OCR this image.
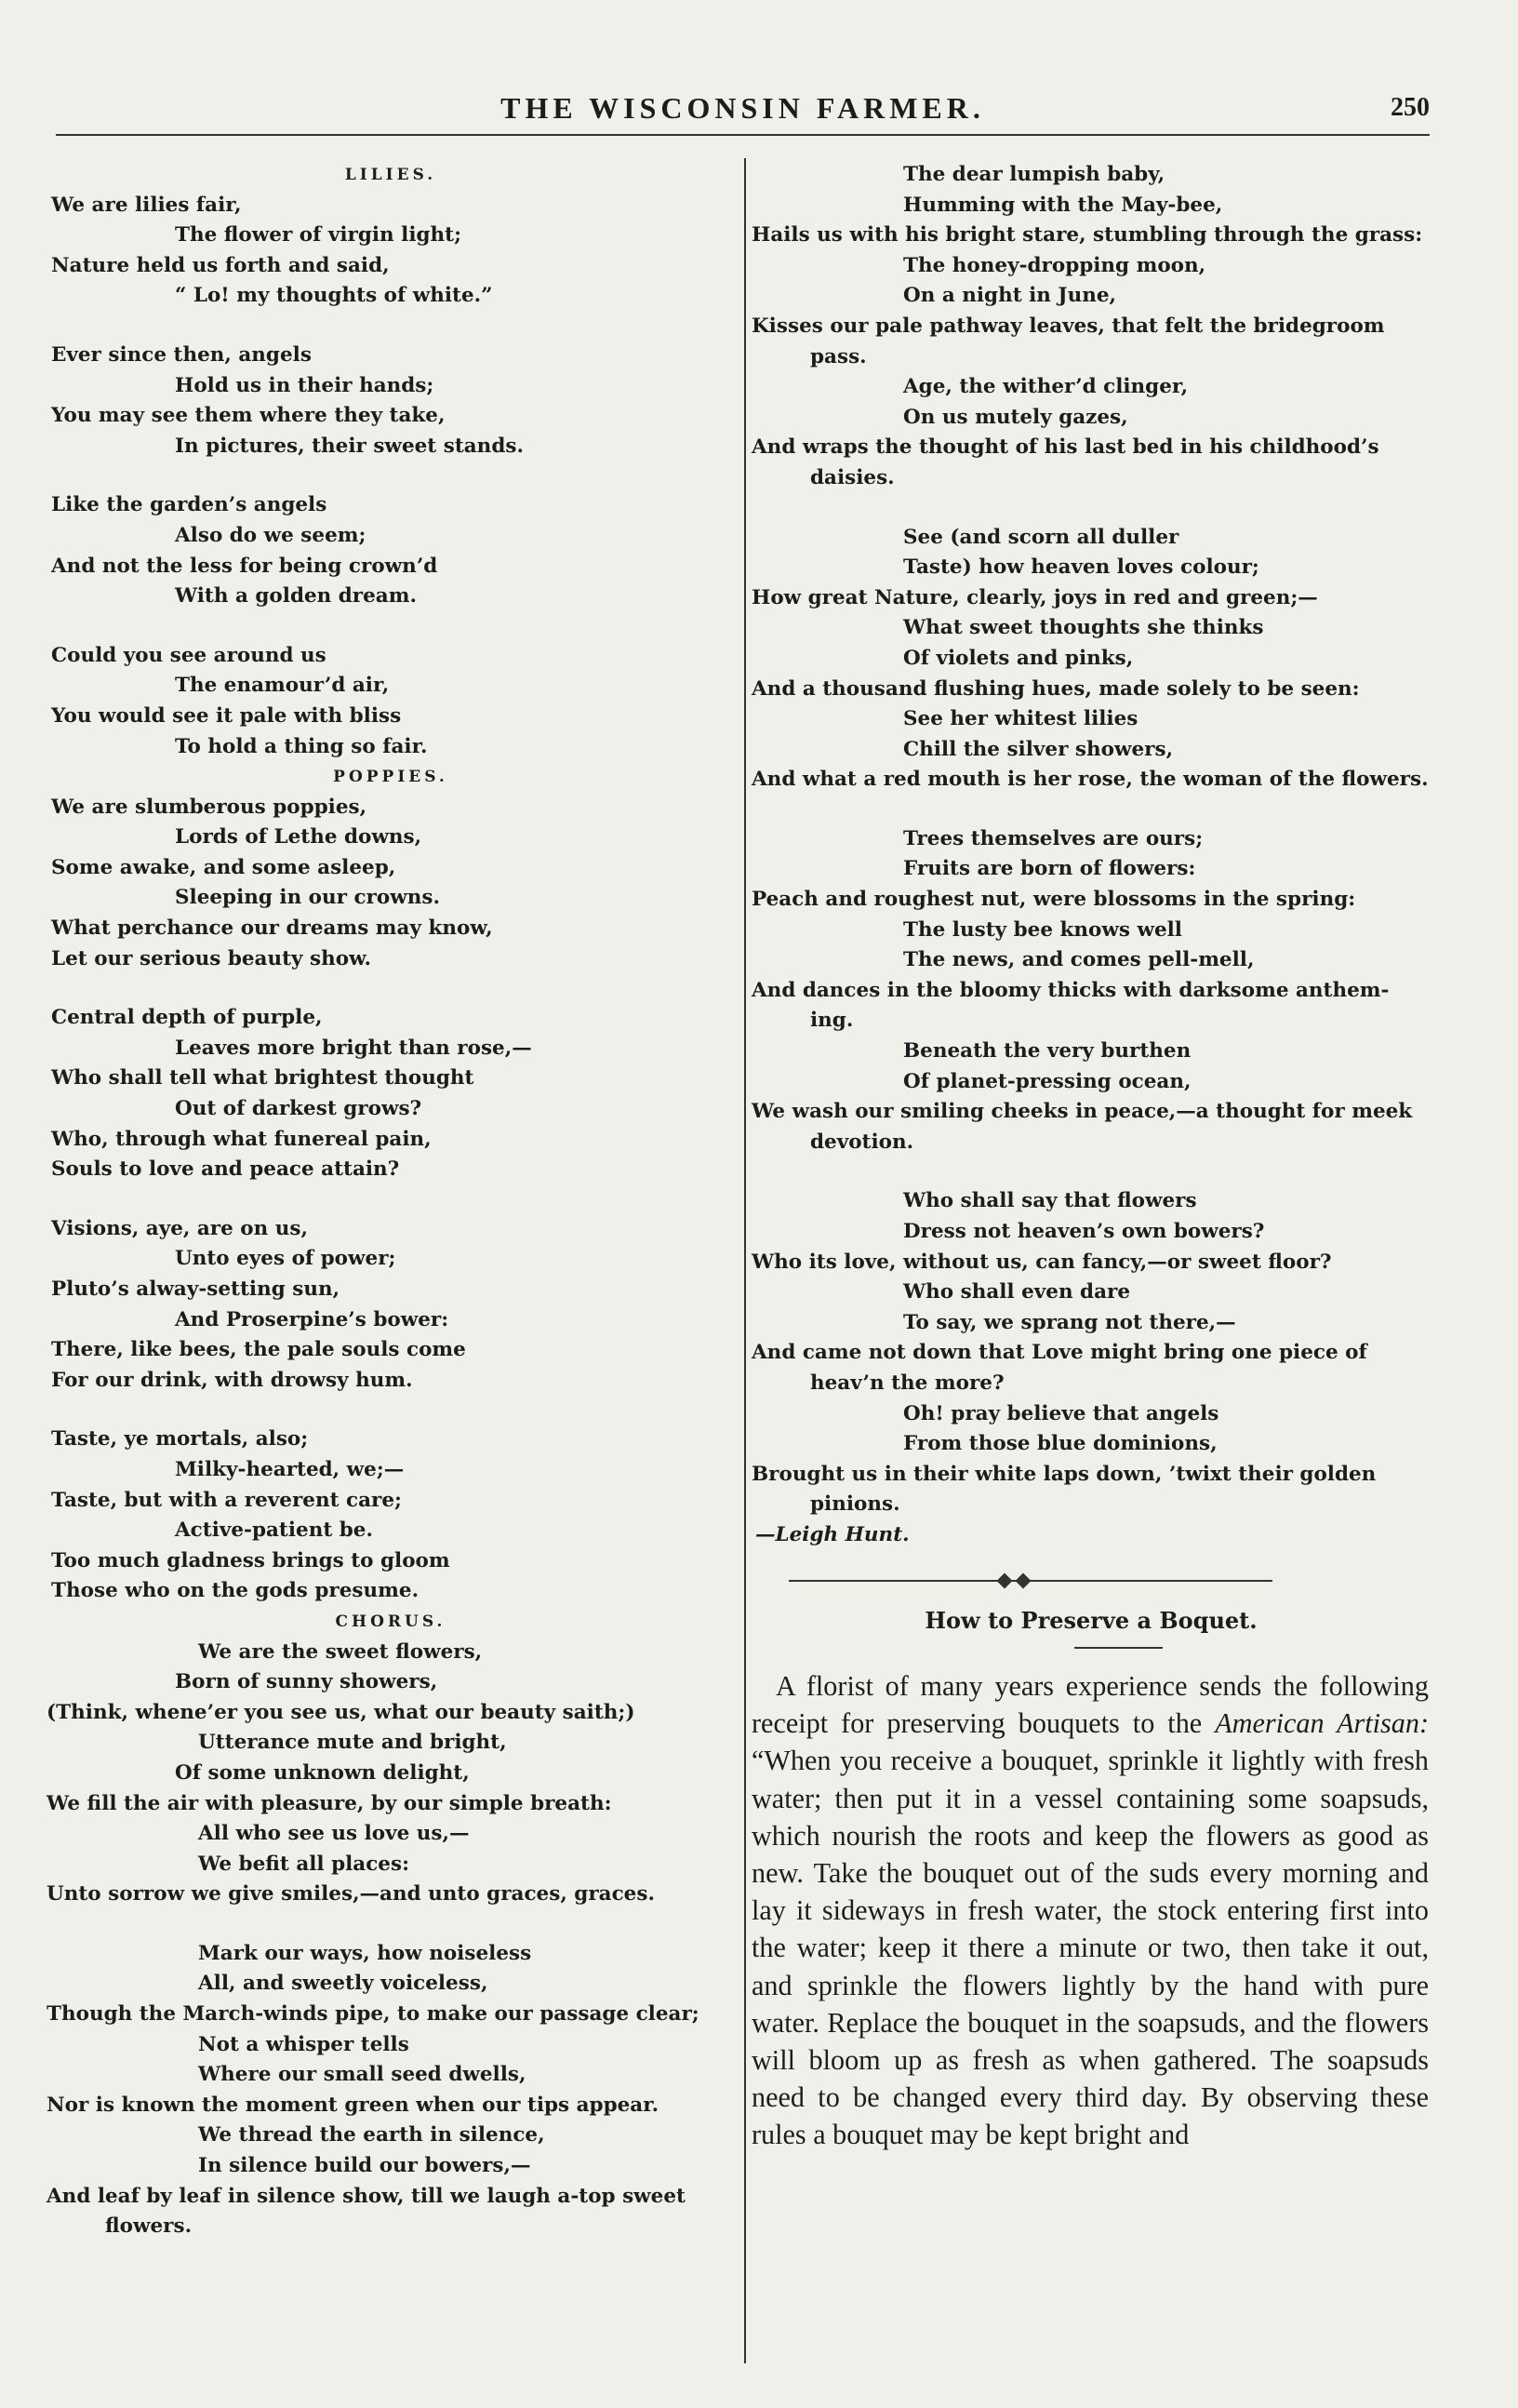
THE WISCONSIN FARMER.	250
LILIES.
We are lilies fair,
The flower of virgin light;
Nature held us forth and said,
“ Lo! my thoughts of white.”
Ever since then, angels
Hold us in their hands;
You may see them where they take,
In pictures, their sweet stands.
Like the garden’s angels
Also do we seem;
And not the less for being crown’d
With a golden dream.
Could you see around us
The enamour’d air,
You would see it pale with bliss
To hold a thing so fair.
POPPIES.
We are slumberous poppies,
Lords of Lethe downs,
Some awake, and some asleep,
Sleeping in our crowns.
What perchance our dreams may know,
Let our serious beauty show.
Central depth of purple,
Leaves more bright than rose,—
Who shall tell what brightest thought
Out of darkest grows?
Who, through what funereal pain,
Souls to love and peace attain?
Visions, aye, are on us,
Unto eyes of power;
Pluto’s alway-setting sun,
And Proserpine’s bower:
There, like bees, the pale souls come
For our drink, with drowsy hum.
Taste, ye mortals, also;
Milky-hearted, we;—
Taste, but with a reverent care;
Active-patient be.
Too much gladness brings to gloom
Those who on the gods presume.
CHORUS.
We are the sweet flowers,
Born of sunny showers,
(Think, whene’er you see us, what our beauty saith;)
Utterance mute and bright,
Of some unknown delight,
We fill the air with pleasure, by our simple breath:
All who see us love us,—
We befit all places:
Unto sorrow we give smiles,—and unto graces, graces.
Mark our ways, how noiseless
All, and sweetly voiceless,
Though the March-winds pipe, to make our passage clear;
Not a whisper tells
Where our small seed dwells,
Nor is known the moment green when our tips appear.
We thread the earth in silence,
In silence build our bowers,—
And leaf by leaf in silence show, till we laugh a-top sweet
flowers.
The dear lumpish baby,
Humming with the May-bee,
Hails us with his bright stare, stumbling through the grass:
The honey-dropping moon,
On a night in June,
Kisses our pale pathway leaves, that felt the bridegroom
pass.
Age, the wither’d clinger,
On us mutely gazes,
And wraps the thought of his last bed in his childhood’s
daisies.
See (and scorn all duller
Taste) how heaven loves colour;
How great Nature, clearly, joys in red and green;—
What sweet thoughts she thinks
Of violets and pinks,
And a thousand flushing hues, made solely to be seen:
See her whitest lilies
Chill the silver showers,
And what a red mouth is her rose, the woman of the flowers.
Trees themselves are ours;
Fruits are born of flowers:
Peach and roughest nut, were blossoms in the spring:
The lusty bee knows well
The news, and comes pell-mell,
And dances in the bloomy thicks with darksome anthem-
ing.
Beneath the very burthen
Of planet-pressing ocean,
We wash our smiling cheeks in peace,—a thought for meek
devotion.
Who shall say that flowers
Dress not heaven’s own bowers?
Who its love, without us, can fancy,—or sweet floor?
Who shall even dare
To say, we sprang not there,—
And came not down that Love might bring one piece of
heav’n the more?
Oh! pray believe that angels
From those blue dominions,
Brought us in their white laps down, ’twixt their golden
pinions.
—Leigh Hunt.
How to Preserve a Boquet.
A florist of many years experience sends the following receipt for preserving bouquets to the American Artisan: “When you receive a bouquet, sprinkle it lightly with fresh water; then put it in a vessel containing some soapsuds, which nourish the roots and keep the flowers as good as new. Take the bouquet out of the suds every morning and lay it sideways in fresh water, the stock entering first into the water; keep it there a minute or two, then take it out, and sprinkle the flowers lightly by the hand with pure water. Replace the bouquet in the soapsuds, and the flowers will bloom up as fresh as when gathered. The soapsuds need to be changed every third day. By observing these rules a bouquet may be kept bright and
